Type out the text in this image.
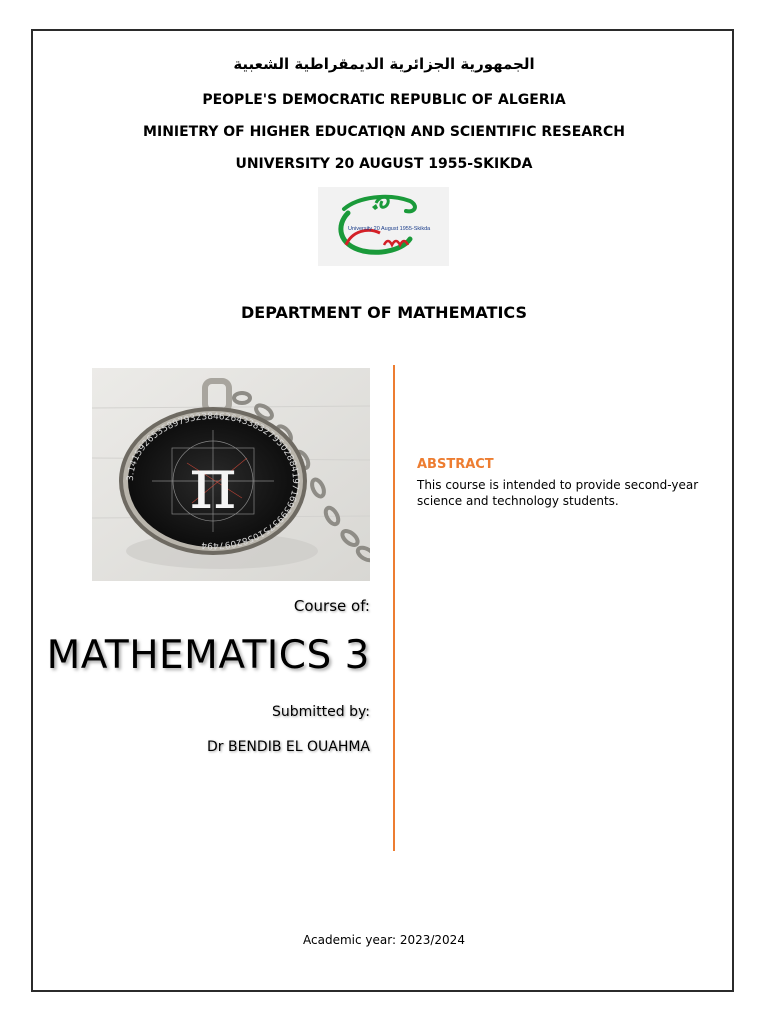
الجمهورية الجزائرية الديمقراطية الشعبية
PEOPLE'S DEMOCRATIC REPUBLIC OF ALGERIA
MINIETRY OF HIGHER EDUCATIQN AND SCIENTIFIC RESEARCH
UNIVERSITY 20 AUGUST 1955-SKIKDA
University 20 August 1955-Skikda
DEPARTMENT OF MATHEMATICS
3.14159265358979323846264338327950288419716939937510582097494
π
Course of:
MATHEMATICS 3
Submitted by:
Dr BENDIB EL OUAHMA
ABSTRACT
This course is intended to provide second-year science and technology students.
Academic year: 2023/2024
